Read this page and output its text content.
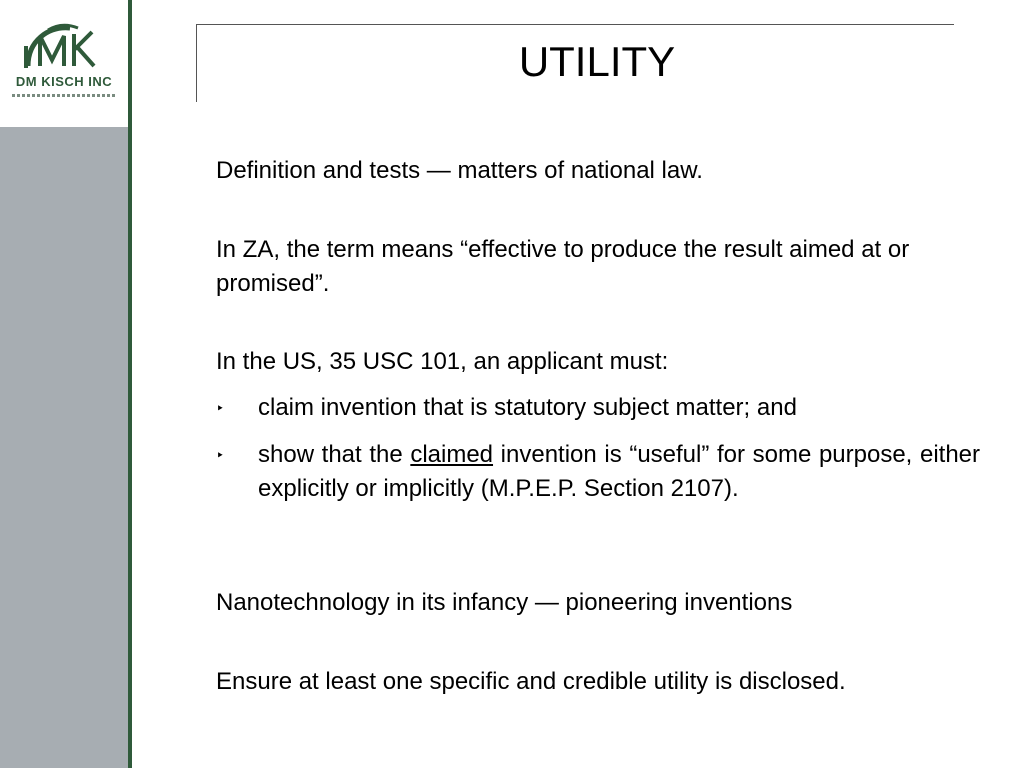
DM KISCH INC	UTILITY

Definition and tests — matters of national law.

In ZA, the term means “effective to produce the result aimed at or promised”.

In the US, 35 USC 101, an applicant must:

‣ claim invention that is statutory subject matter; and
‣ show that the claimed invention is “useful” for some purpose, either explicitly or implicitly (M.P.E.P. Section 2107).

Nanotechnology in its infancy — pioneering inventions

Ensure at least one specific and credible utility is disclosed.
